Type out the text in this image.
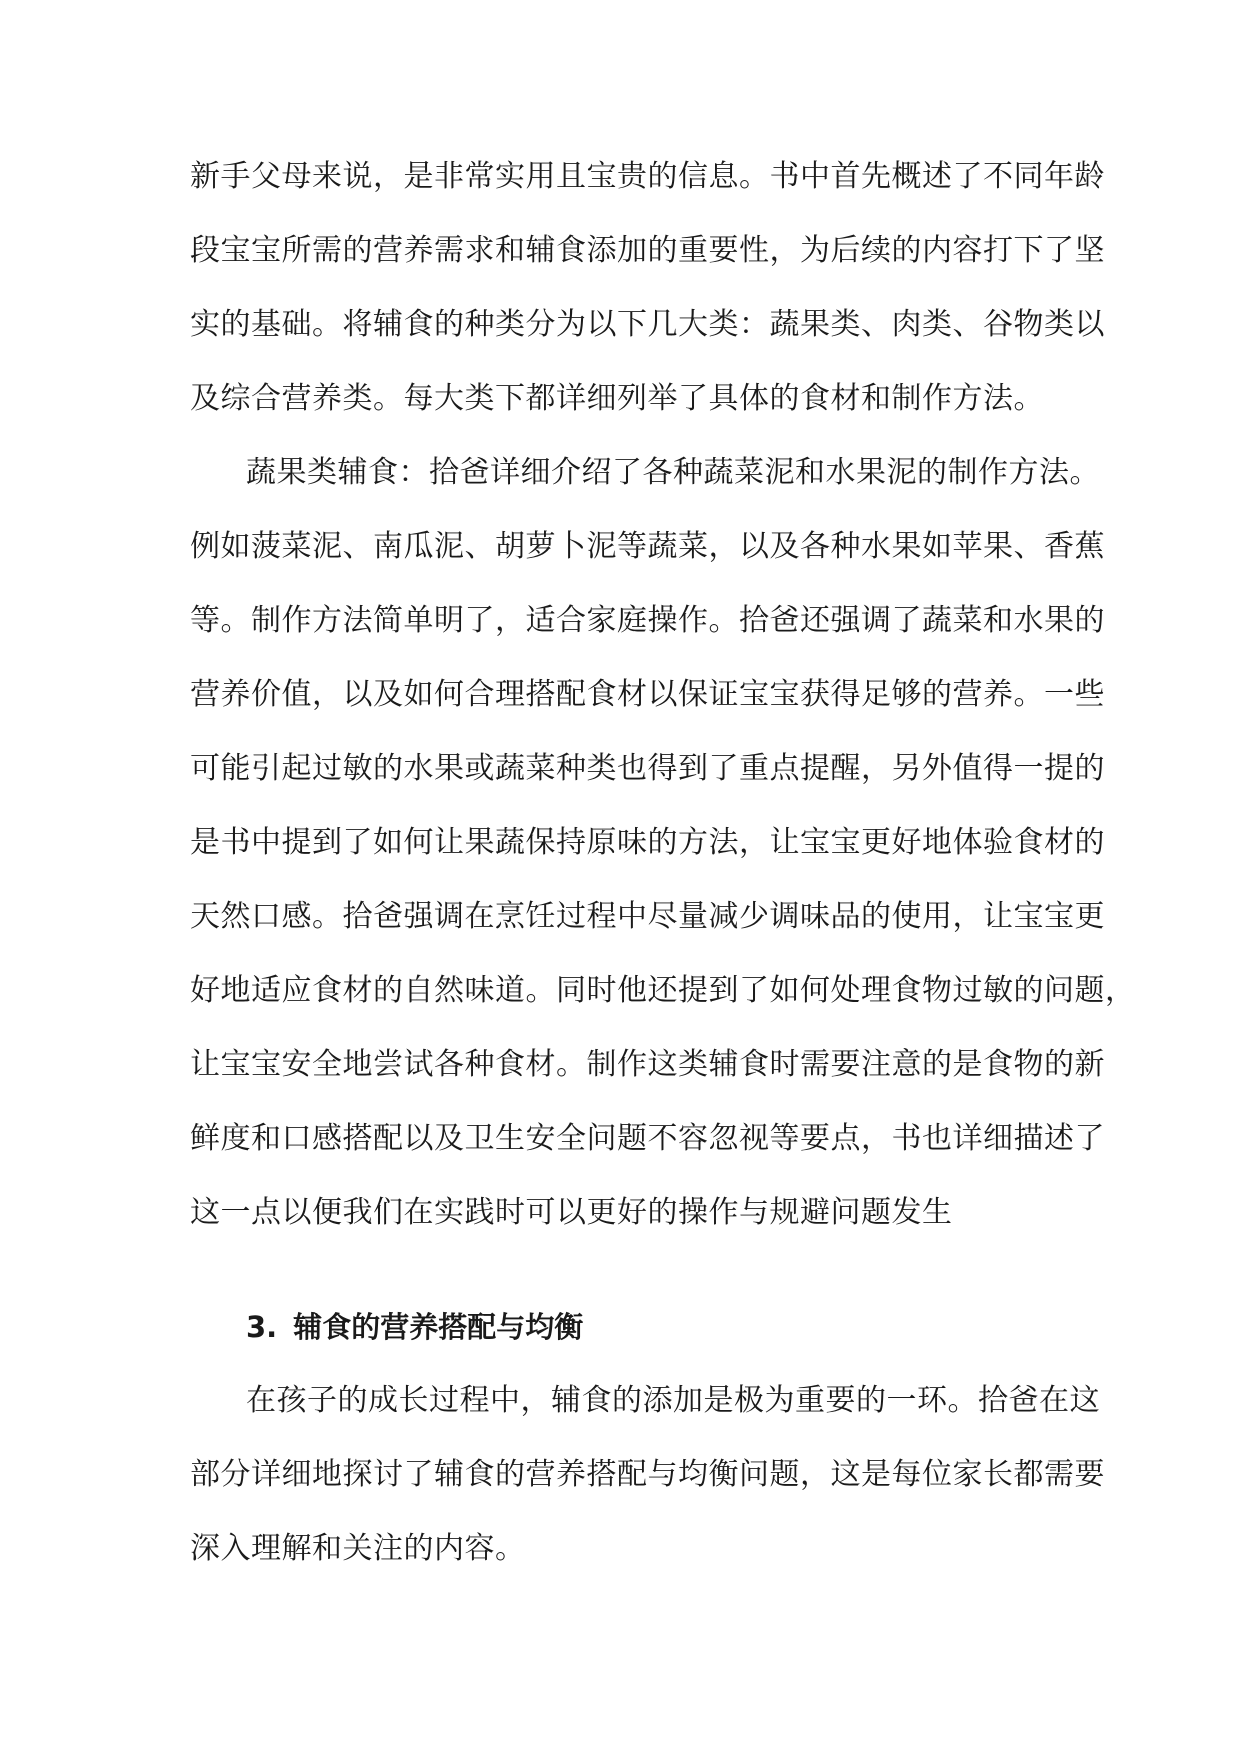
新手父母来说，是非常实用且宝贵的信息。书中首先概述了不同年龄
段宝宝所需的营养需求和辅食添加的重要性，为后续的内容打下了坚
实的基础。将辅食的种类分为以下几大类：蔬果类、肉类、谷物类以
及综合营养类。每大类下都详细列举了具体的食材和制作方法。
蔬果类辅食：拾爸详细介绍了各种蔬菜泥和水果泥的制作方法。
例如菠菜泥、南瓜泥、胡萝卜泥等蔬菜，以及各种水果如苹果、香蕉
等。制作方法简单明了，适合家庭操作。拾爸还强调了蔬菜和水果的
营养价值，以及如何合理搭配食材以保证宝宝获得足够的营养。一些
可能引起过敏的水果或蔬菜种类也得到了重点提醒，另外值得一提的
是书中提到了如何让果蔬保持原味的方法，让宝宝更好地体验食材的
天然口感。拾爸强调在烹饪过程中尽量减少调味品的使用，让宝宝更
好地适应食材的自然味道。同时他还提到了如何处理食物过敏的问题，
让宝宝安全地尝试各种食材。制作这类辅食时需要注意的是食物的新
鲜度和口感搭配以及卫生安全问题不容忽视等要点，书也详细描述了
这一点以便我们在实践时可以更好的操作与规避问题发生
3. 辅食的营养搭配与均衡
在孩子的成长过程中，辅食的添加是极为重要的一环。拾爸在这
部分详细地探讨了辅食的营养搭配与均衡问题，这是每位家长都需要
深入理解和关注的内容。
